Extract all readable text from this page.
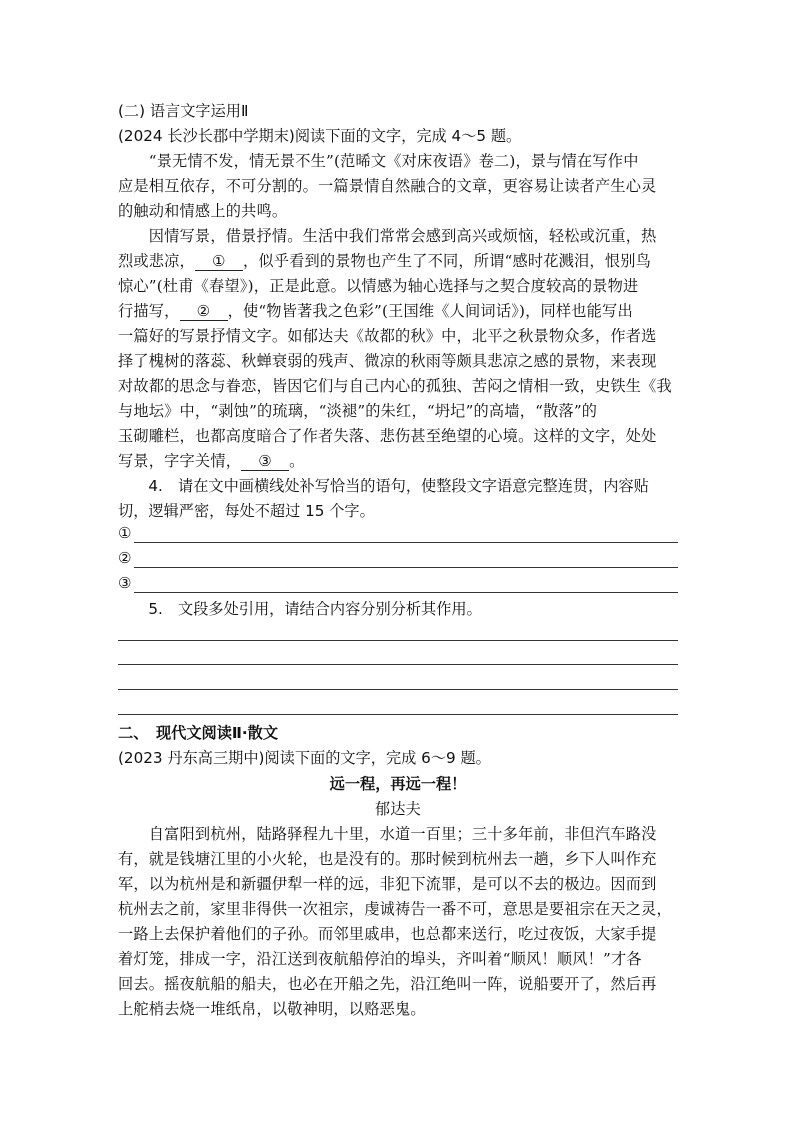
(二) 语言文字运用Ⅱ
(2024 长沙长郡中学期末)阅读下面的文字，完成 4～5 题。
　　“景无情不发，情无景不生”(范晞文《对床夜语》卷二)，景与情在写作中
应是相互依存，不可分割的。一篇景情自然融合的文章，更容易让读者产生心灵
的触动和情感上的共鸣。
　　因情写景，借景抒情。生活中我们常常会感到高兴或烦恼，轻松或沉重，热
烈或悲凉， ① ，似乎看到的景物也产生了不同，所谓“感时花溅泪，恨别鸟
惊心”(杜甫《春望》)，正是此意。以情感为轴心选择与之契合度较高的景物进
行描写， ② ，使“物皆著我之色彩”(王国维《人间词话》)，同样也能写出
一篇好的写景抒情文字。如郁达夫《故都的秋》中，北平之秋景物众多，作者选
择了槐树的落蕊、秋蝉衰弱的残声、微凉的秋雨等颇具悲凉之感的景物，来表现
对故都的思念与眷恋，皆因它们与自己内心的孤独、苦闷之情相一致，史铁生《我
与地坛》中，“剥蚀”的琉璃，“淡褪”的朱红，“坍圮”的高墙，“散落”的
玉砌雕栏，也都高度暗合了作者失落、悲伤甚至绝望的心境。这样的文字，处处
写景，字字关情， ③ 。
　　4.　请在文中画横线处补写恰当的语句，使整段文字语意完整连贯，内容贴
切，逻辑严密，每处不超过 15 个字。
①
②
③
　　5.　文段多处引用，请结合内容分别分析其作用。
二、　现代文阅读Ⅱ·散文
(2023 丹东高三期中)阅读下面的文字，完成 6～9 题。
远一程，再远一程！
郁达夫
　　自富阳到杭州，陆路驿程九十里，水道一百里；三十多年前，非但汽车路没
有，就是钱塘江里的小火轮，也是没有的。那时候到杭州去一趟，乡下人叫作充
军，以为杭州是和新疆伊犁一样的远，非犯下流罪，是可以不去的极边。因而到
杭州去之前，家里非得供一次祖宗，虔诚祷告一番不可，意思是要祖宗在天之灵，
一路上去保护着他们的子孙。而邻里戚串，也总都来送行，吃过夜饭，大家手提
着灯笼，排成一字，沿江送到夜航船停泊的埠头，齐叫着“顺风！顺风！”才各
回去。摇夜航船的船夫，也必在开船之先，沿江绝叫一阵，说船要开了，然后再
上舵梢去烧一堆纸帛，以敬神明，以赂恶鬼。
